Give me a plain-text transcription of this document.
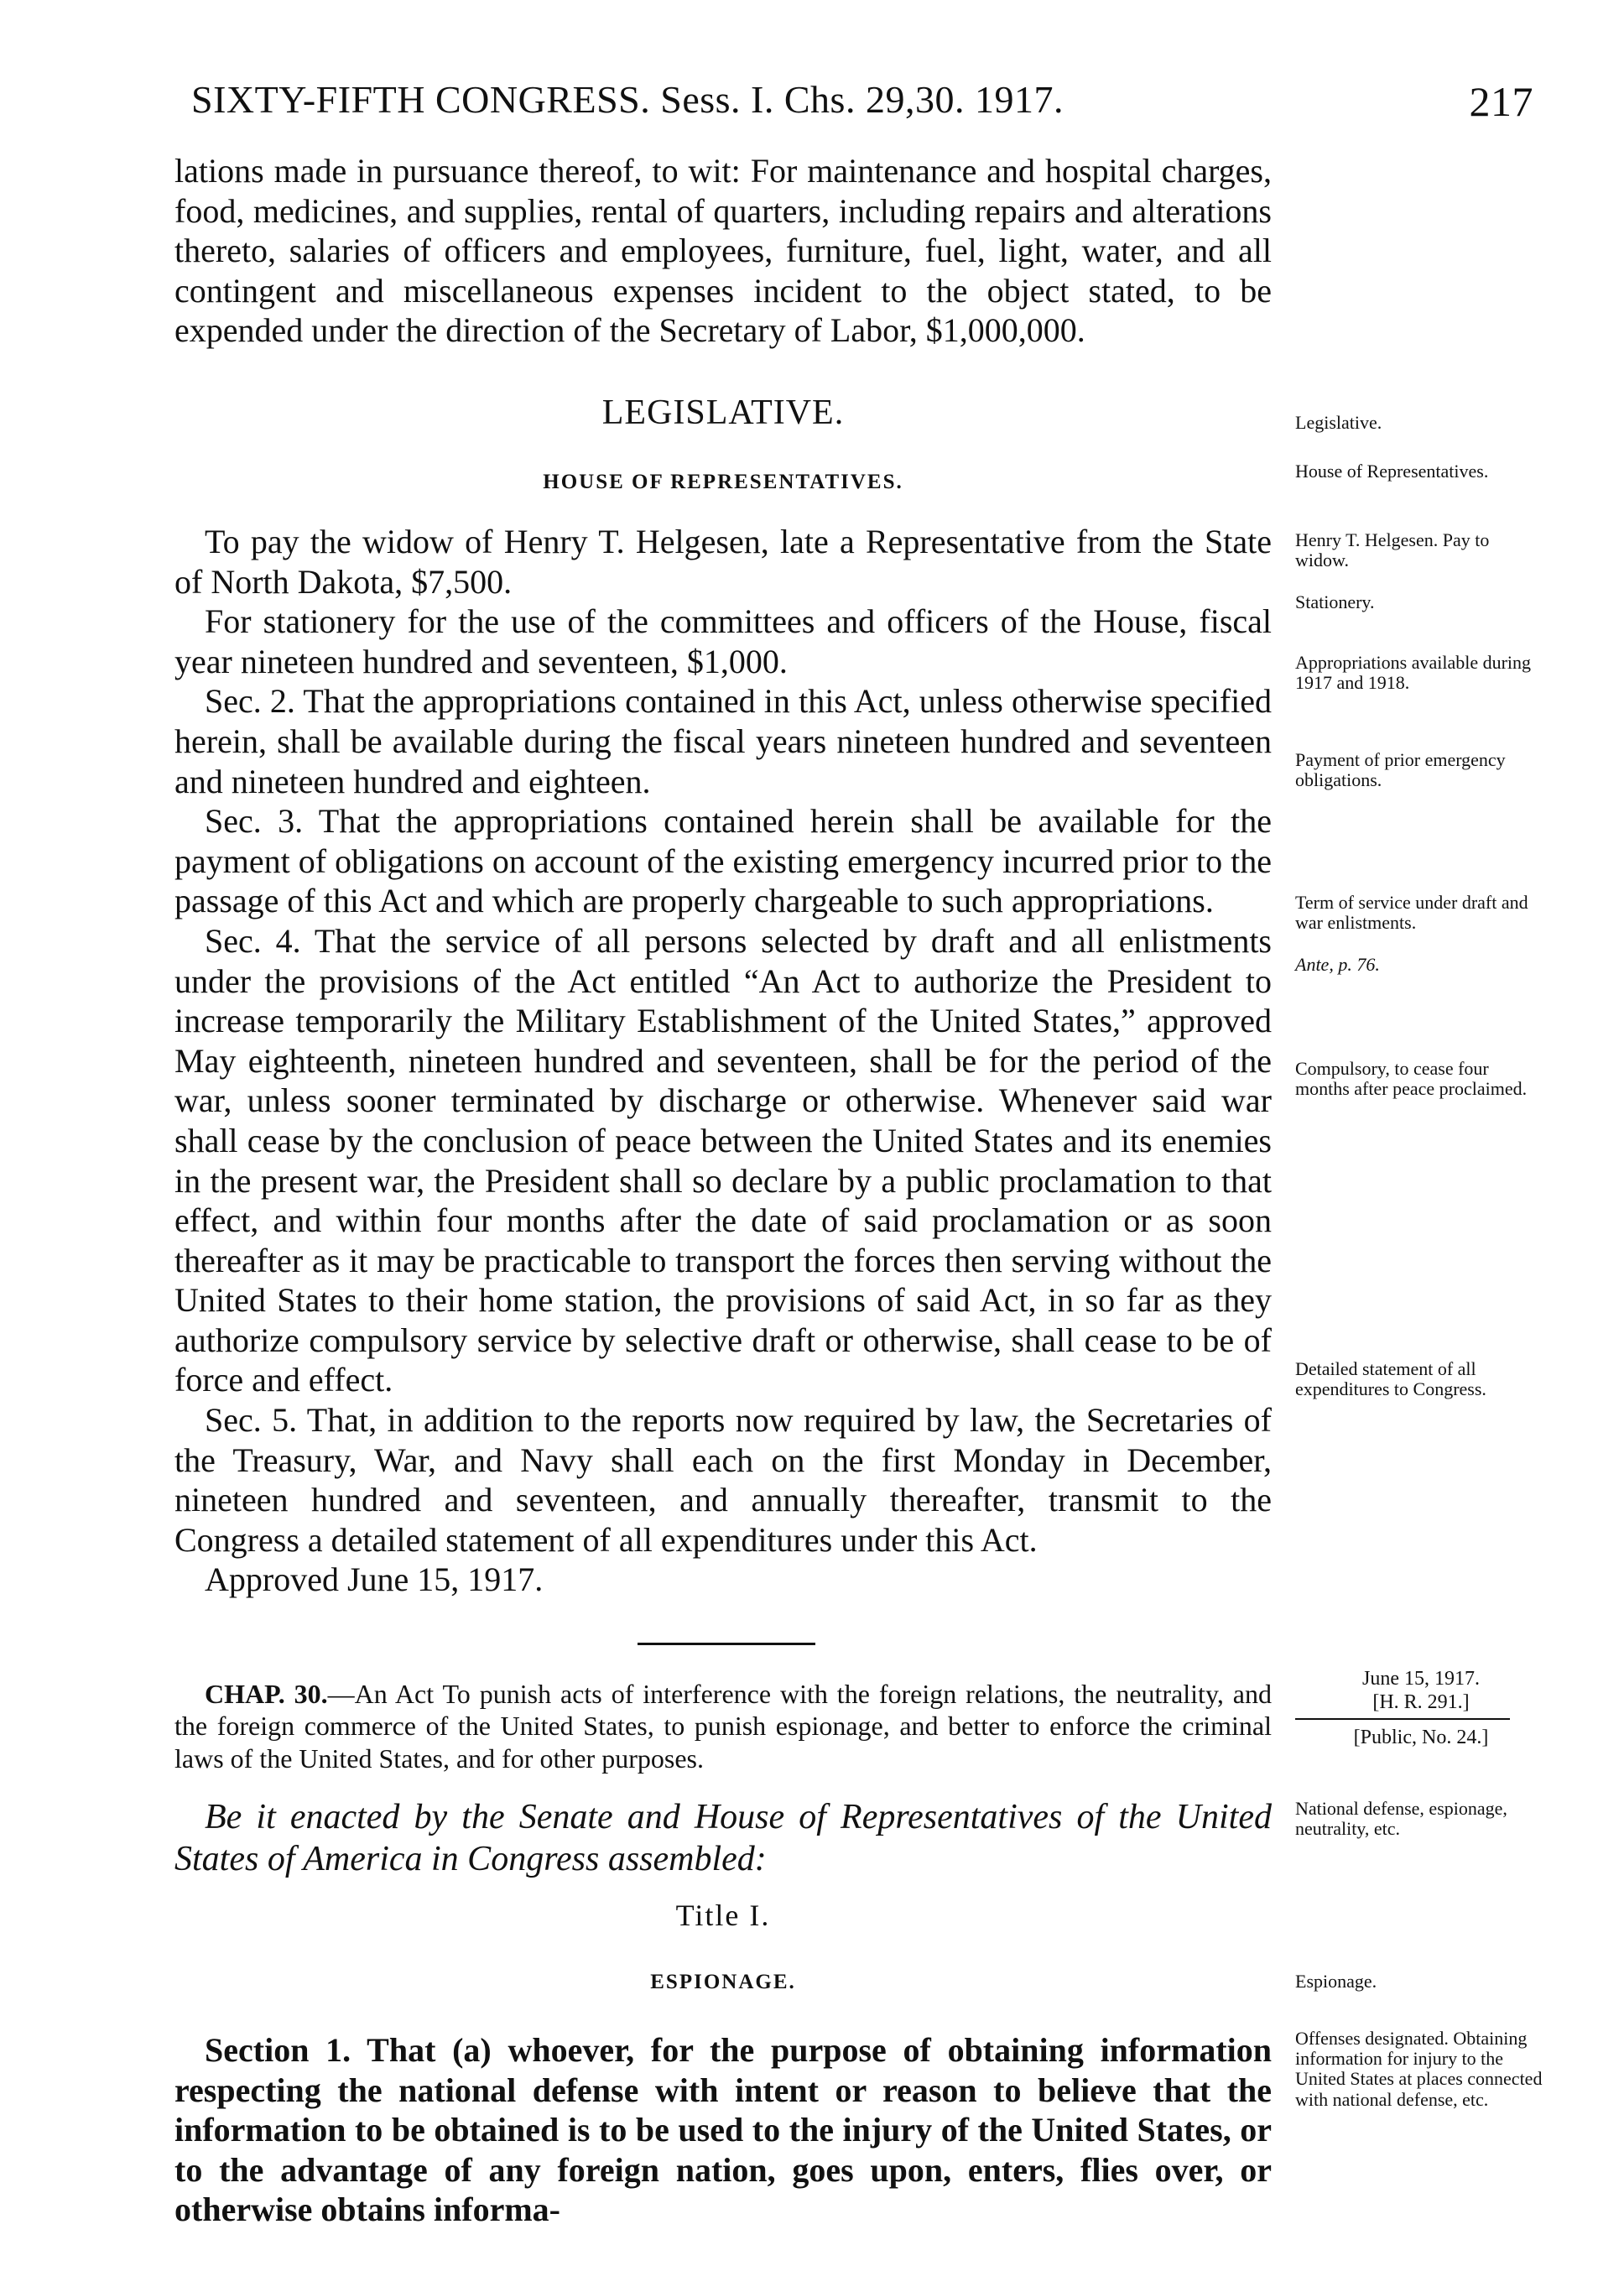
SIXTY-FIFTH CONGRESS. Sess. I. Chs. 29,30. 1917.	217

lations made in pursuance thereof, to wit: For maintenance and hospital charges, food, medicines, and supplies, rental of quarters, including repairs and alterations thereto, salaries of officers and employees, furniture, fuel, light, water, and all contingent and miscellaneous expenses incident to the object stated, to be expended under the direction of the Secretary of Labor, $1,000,000.

LEGISLATIVE.
HOUSE OF REPRESENTATIVES.

To pay the widow of Henry T. Helgesen, late a Representative from the State of North Dakota, $7,500.

For stationery for the use of the committees and officers of the House, fiscal year nineteen hundred and seventeen, $1,000.

Sec. 2. That the appropriations contained in this Act, unless otherwise specified herein, shall be available during the fiscal years nineteen hundred and seventeen and nineteen hundred and eighteen.

Sec. 3. That the appropriations contained herein shall be available for the payment of obligations on account of the existing emergency incurred prior to the passage of this Act and which are properly chargeable to such appropriations.

Sec. 4. That the service of all persons selected by draft and all enlistments under the provisions of the Act entitled “An Act to authorize the President to increase temporarily the Military Establishment of the United States,” approved May eighteenth, nineteen hundred and seventeen, shall be for the period of the war, unless sooner terminated by discharge or otherwise. Whenever said war shall cease by the conclusion of peace between the United States and its enemies in the present war, the President shall so declare by a public proclamation to that effect, and within four months after the date of said proclamation or as soon thereafter as it may be practicable to transport the forces then serving without the United States to their home station, the provisions of said Act, in so far as they authorize compulsory service by selective draft or otherwise, shall cease to be of force and effect.

Sec. 5. That, in addition to the reports now required by law, the Secretaries of the Treasury, War, and Navy shall each on the first Monday in December, nineteen hundred and seventeen, and annually thereafter, transmit to the Congress a detailed statement of all expenditures under this Act.

Approved June 15, 1917.

CHAP. 30.—An Act To punish acts of interference with the foreign relations, the neutrality, and the foreign commerce of the United States, to punish espionage, and better to enforce the criminal laws of the United States, and for other purposes.

Be it enacted by the Senate and House of Representatives of the United States of America in Congress assembled:

Title I.
ESPIONAGE.

Section 1. That (a) whoever, for the purpose of obtaining information respecting the national defense with intent or reason to believe that the information to be obtained is to be used to the injury of the United States, or to the advantage of any foreign nation, goes upon, enters, flies over, or otherwise obtains informa-

Legislative.
House of Representatives.
Henry T. Helgesen. Pay to widow.
Stationery.
Appropriations available during 1917 and 1918.
Payment of prior emergency obligations.
Term of service under draft and war enlistments.
Ante, p. 76.
Compulsory, to cease four months after peace proclaimed.
Detailed statement of all expenditures to Congress.
June 15, 1917.
[H. R. 291.]
[Public, No. 24.]
National defense, espionage, neutrality, etc.
Espionage.
Offenses designated. Obtaining information for injury to the United States at places connected with national defense, etc.
